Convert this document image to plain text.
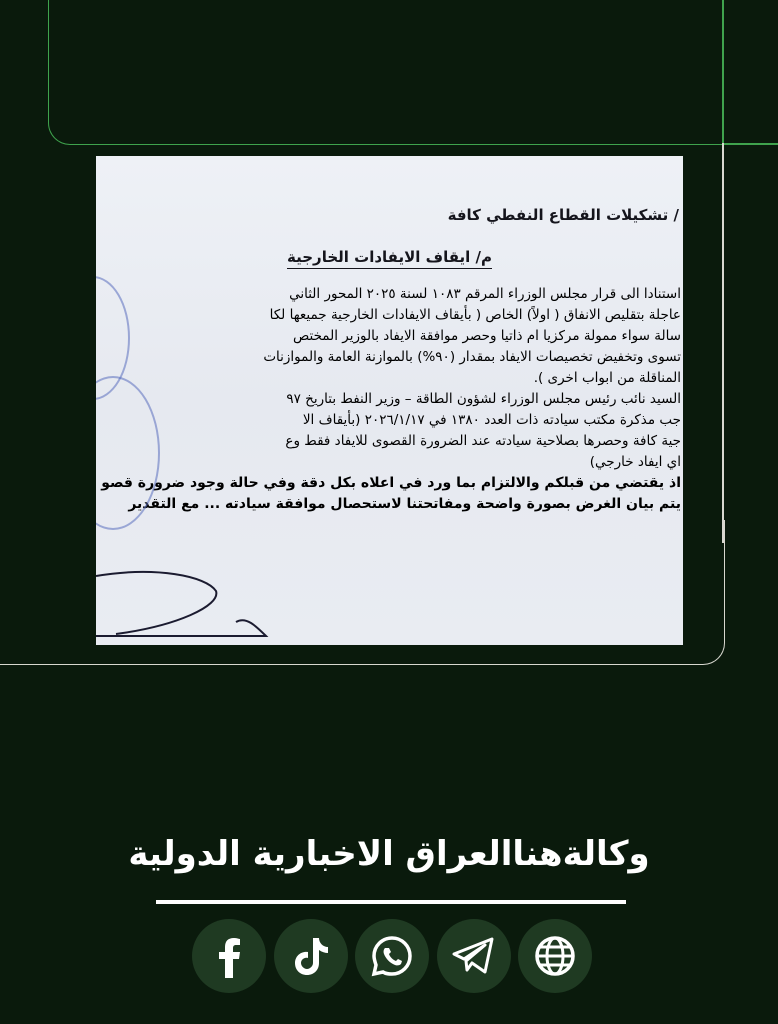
/ تشكيلات القطاع النفطي كافة
م/ ايقاف الايفادات الخارجية
استنادا الى قرار مجلس الوزراء المرقم ١٠٨٣ لسنة ٢٠٢٥ المحور الثاني
عاجلة بتقليص الانفاق ( اولاً) الخاص ( بأيقاف الايفادات الخارجية جميعها لكا
سالة سواء ممولة مركزيا ام ذاتيا وحصر موافقة الايفاد بالوزير المختص
تسوى وتخفيض تخصيصات الايفاد بمقدار (٩٠%) بالموازنة العامة والموازنات
المناقلة من ابواب اخرى ).
السيد نائب رئيس مجلس الوزراء لشؤون الطاقة – وزير النفط بتاريخ ٩٧
جب مذكرة مكتب سيادته ذات العدد ١٣٨٠ في ٢٠٢٦/١/١٧ (بأيقاف الا
جية كافة وحصرها بصلاحية سيادته عند الضرورة القصوى للايفاد فقط وع
اي ايفاد خارجي)
اذ يقتضي من قبلكم والالتزام بما ورد في اعلاه بكل دقة وفي حالة وجود ضرورة قصو
يتم بيان الغرض بصورة واضحة ومفاتحتنا لاستحصال موافقة سيادته ... مع التقدير
وكالةهناالعراق الاخبارية الدولية
